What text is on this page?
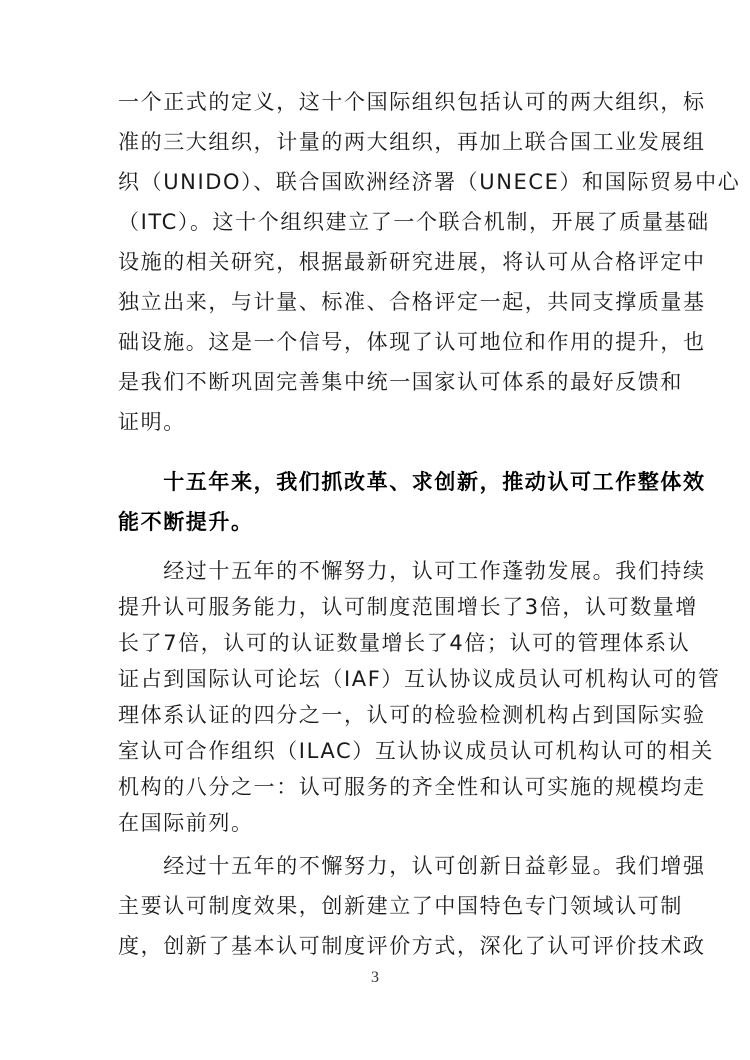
一个正式的定义，这十个国际组织包括认可的两大组织，标
准的三大组织，计量的两大组织，再加上联合国工业发展组
织（UNIDO）、联合国欧洲经济署（UNECE）和国际贸易中心
（ITC）。这十个组织建立了一个联合机制，开展了质量基础
设施的相关研究，根据最新研究进展，将认可从合格评定中
独立出来，与计量、标准、合格评定一起，共同支撑质量基
础设施。这是一个信号，体现了认可地位和作用的提升，也
是我们不断巩固完善集中统一国家认可体系的最好反馈和
证明。
　　十五年来，我们抓改革、求创新，推动认可工作整体效
能不断提升。
　　经过十五年的不懈努力，认可工作蓬勃发展。我们持续
提升认可服务能力，认可制度范围增长了3倍，认可数量增
长了7倍，认可的认证数量增长了4倍；认可的管理体系认
证占到国际认可论坛（IAF）互认协议成员认可机构认可的管
理体系认证的四分之一，认可的检验检测机构占到国际实验
室认可合作组织（ILAC）互认协议成员认可机构认可的相关
机构的八分之一：认可服务的齐全性和认可实施的规模均走
在国际前列。
　　经过十五年的不懈努力，认可创新日益彰显。我们增强
主要认可制度效果，创新建立了中国特色专门领域认可制
度，创新了基本认可制度评价方式，深化了认可评价技术政
3
